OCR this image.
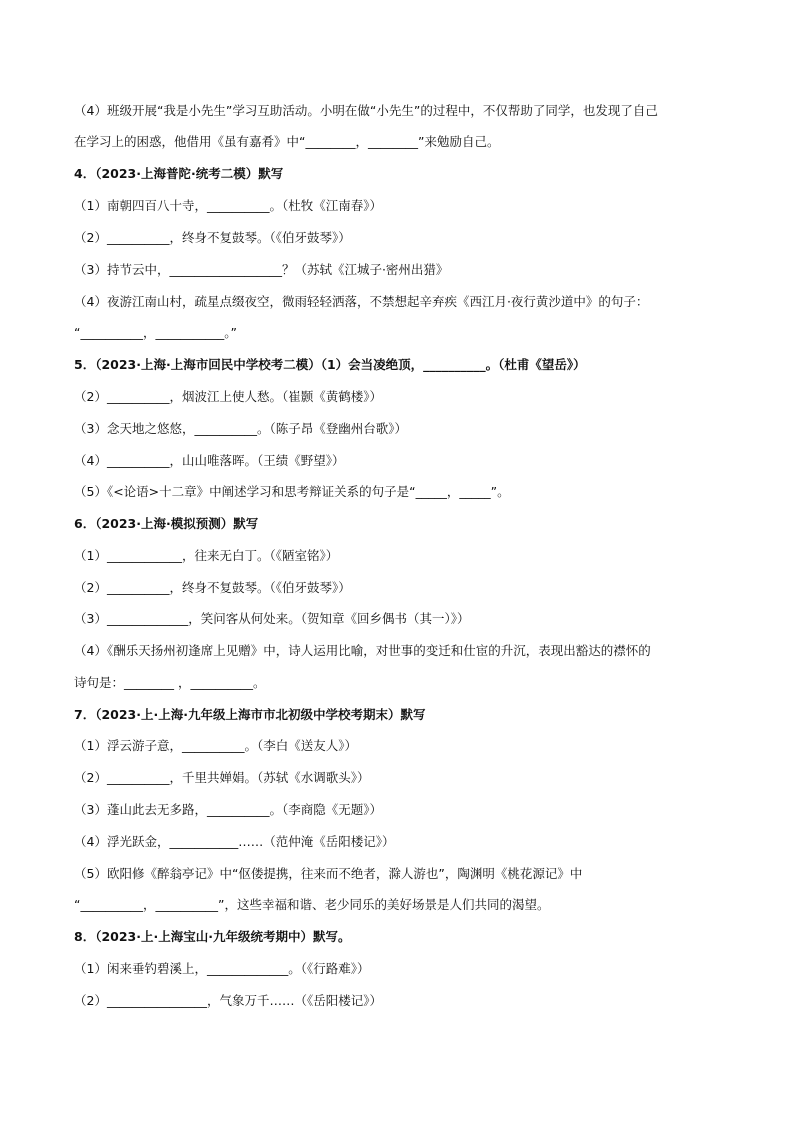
（4）班级开展“我是小先生”学习互助活动。小明在做“小先生”的过程中，不仅帮助了同学，也发现了自己
在学习上的困惑，他借用《虽有嘉肴》中“________，________”来勉励自己。
4．（2023·上海普陀·统考二模）默写
（1）南朝四百八十寺，__________。（杜牧《江南春》）
（2）__________，终身不复鼓琴。（《伯牙鼓琴》）
（3）持节云中，__________________？（苏轼《江城子·密州出猎》
（4）夜游江南山村，疏星点缀夜空，微雨轻轻洒落，不禁想起辛弃疾《西江月·夜行黄沙道中》的句子：
“__________，___________。”
5．（2023·上海·上海市回民中学校考二模）（1）会当凌绝顶，__________。（杜甫《望岳》）
（2）__________，烟波江上使人愁。（崔颢《黄鹤楼》）
（3）念天地之悠悠，__________。（陈子昂《登幽州台歌》）
（4）__________，山山唯落晖。（王绩《野望》）
（5）《<论语>十二章》中阐述学习和思考辩证关系的句子是“_____，_____”。
6．（2023·上海·模拟预测）默写
（1）____________，往来无白丁。（《陋室铭》）
（2）__________，终身不复鼓琴。（《伯牙鼓琴》）
（3）_____________，笑问客从何处来。（贺知章《回乡偶书（其一）》）
（4）《酬乐天扬州初逢席上见赠》中，诗人运用比喻，对世事的变迁和仕宦的升沉，表现出豁达的襟怀的
诗句是：________ ，__________。
7．（2023·上·上海·九年级上海市市北初级中学校考期末）默写
（1）浮云游子意，__________。（李白《送友人》）
（2）__________，千里共婵娟。（苏轼《水调歌头》）
（3）蓬山此去无多路，__________。（李商隐《无题》）
（4）浮光跃金，___________……（范仲淹《岳阳楼记》）
（5）欧阳修《醉翁亭记》中“伛偻提携，往来而不绝者，滁人游也”，陶渊明《桃花源记》中
“__________，__________”，这些幸福和谐、老少同乐的美好场景是人们共同的渴望。
8．（2023·上·上海宝山·九年级统考期中）默写。
（1）闲来垂钓碧溪上，_____________。（《行路难》）
（2）________________，气象万千……（《岳阳楼记》）
